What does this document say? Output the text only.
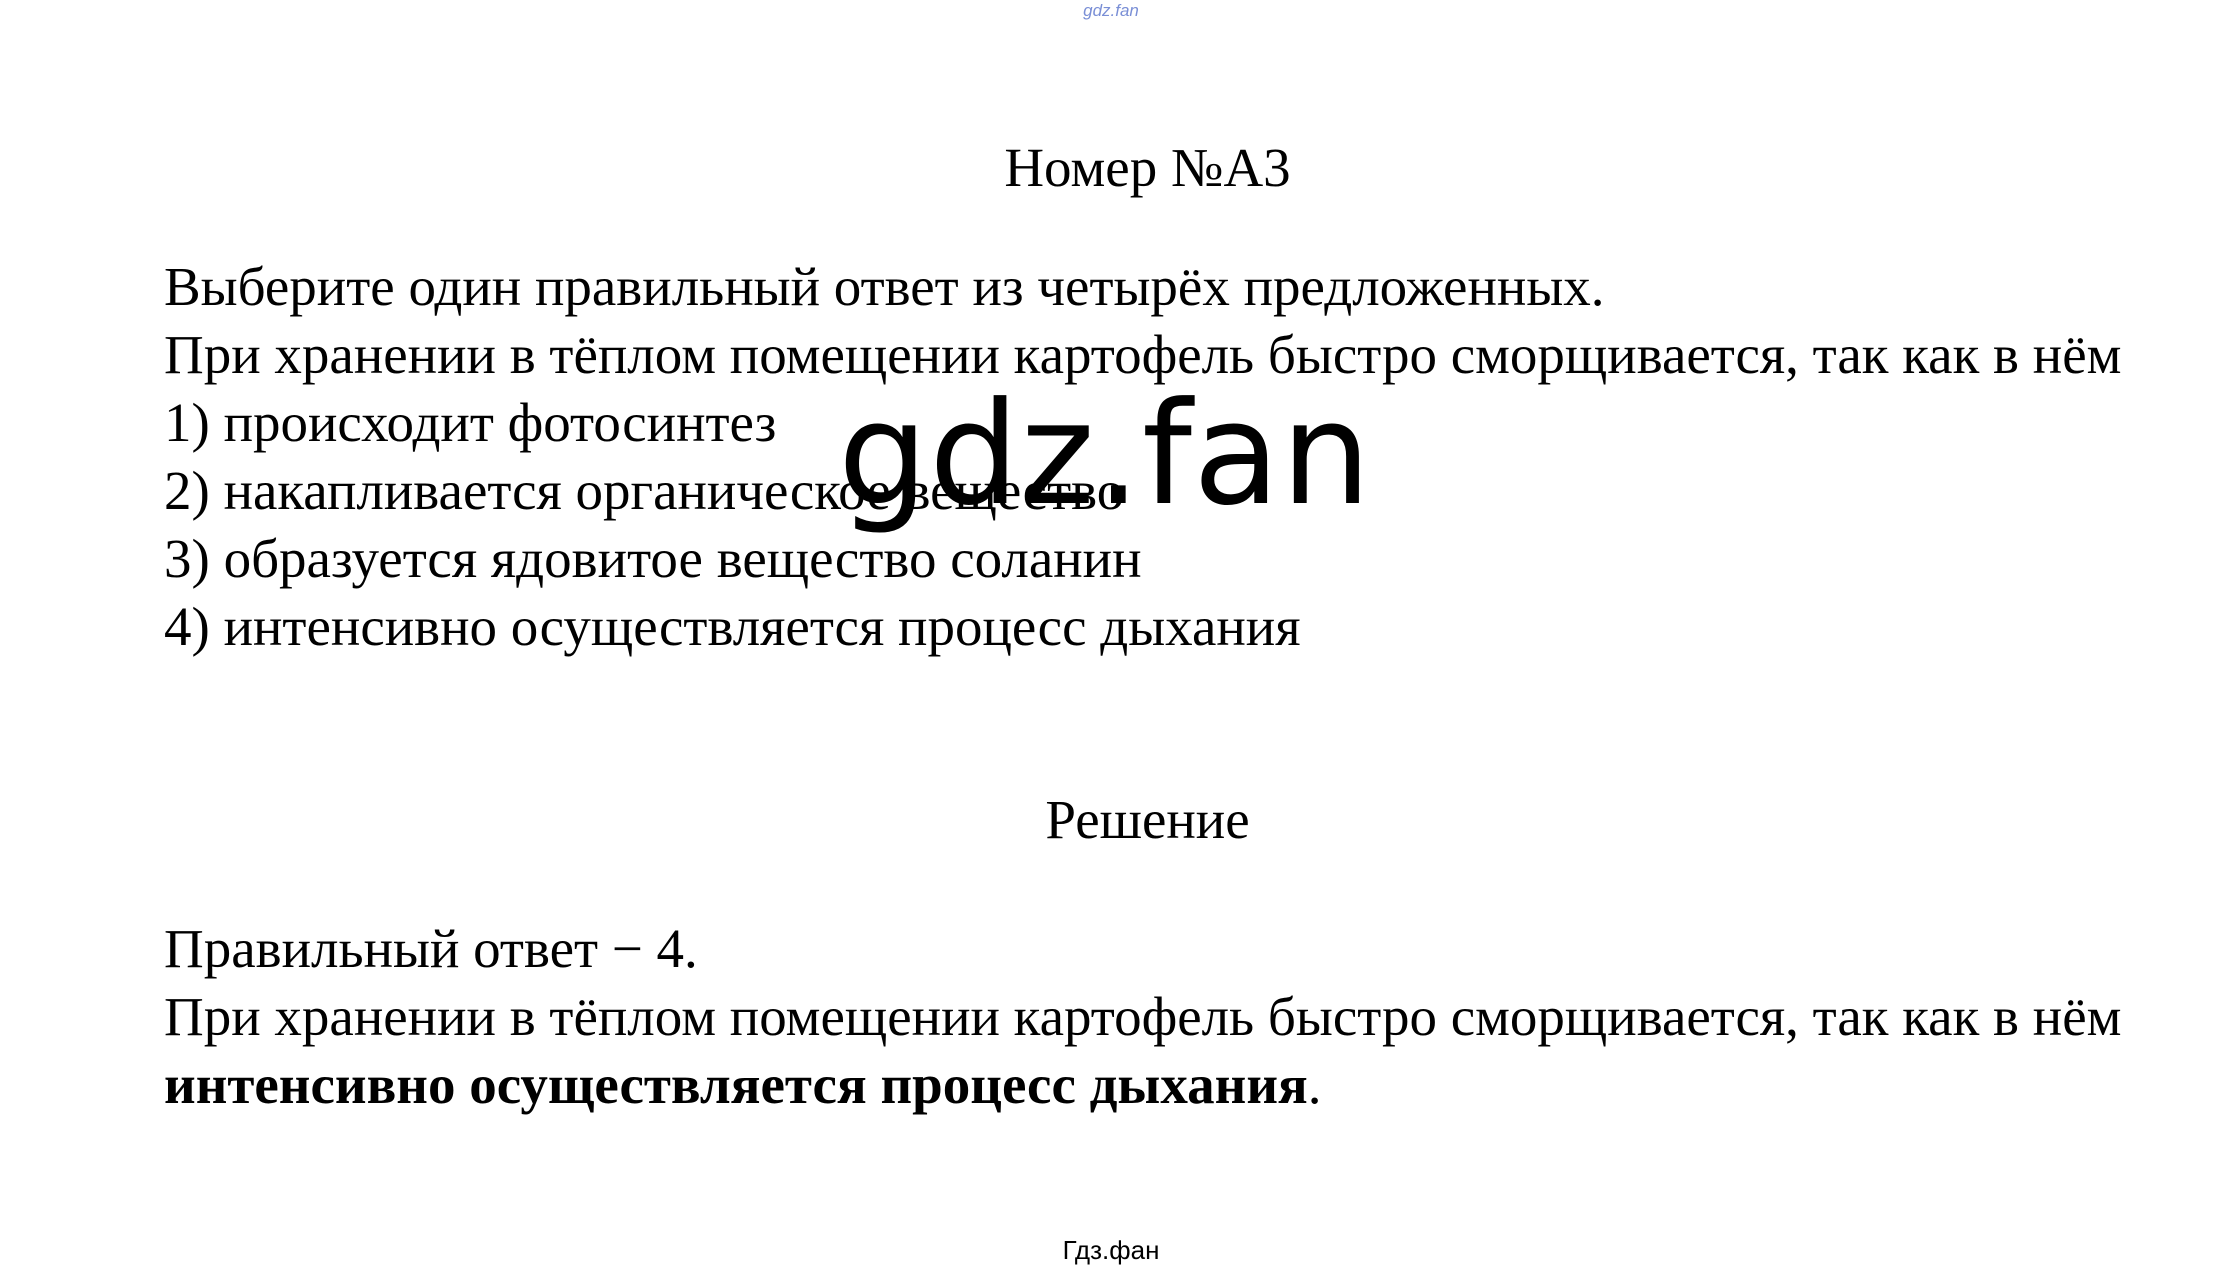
gdz.fan
Номер №А3

Выберите один правильный ответ из четырёх предложенных.

При хранении в тёплом помещении картофель быстро сморщивается, так как в нём

1) происходит фотосинтез
2) накапливается органическое вещество
3) образуется ядовитое вещество соланин
4) интенсивно осуществляется процесс дыхания
gdz.fan
Решение

Правильный ответ − 4.

При хранении в тёплом помещении картофель быстро сморщивается, так как в нём интенсивно осуществляется процесс дыхания.

Гдз.фан
